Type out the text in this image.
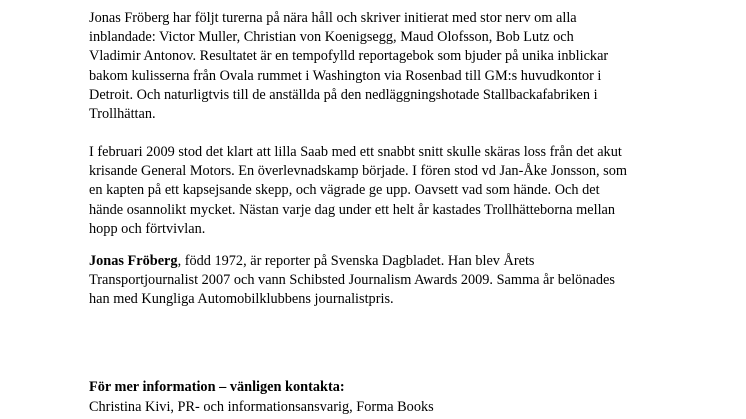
Jonas Fröberg har följt turerna på nära håll och skriver initierat med stor nerv om alla
inblandade: Victor Muller, Christian von Koenigsegg, Maud Olofsson, Bob Lutz och
Vladimir Antonov. Resultatet är en tempofylld reportagebok som bjuder på unika inblickar
bakom kulisserna från Ovala rummet i Washington via Rosenbad till GM:s huvudkontor i
Detroit. Och naturligtvis till de anställda på den nedläggningshotade Stallbackafabriken i
Trollhättan.
I februari 2009 stod det klart att lilla Saab med ett snabbt snitt skulle skäras loss från det akut
krisande General Motors. En överlevnadskamp började. I fören stod vd Jan-Åke Jonsson, som
en kapten på ett kapsejsande skepp, och vägrade ge upp. Oavsett vad som hände. Och det
hände osannolikt mycket. Nästan varje dag under ett helt år kastades Trollhätteborna mellan
hopp och förtvivlan.
Jonas Fröberg, född 1972, är reporter på Svenska Dagbladet. Han blev Årets
Transportjournalist 2007 och vann Schibsted Journalism Awards 2009. Samma år belönades
han med Kungliga Automobilklubbens journalistpris.
För mer information – vänligen kontakta:
Christina Kivi, PR- och informationsansvarig, Forma Books
